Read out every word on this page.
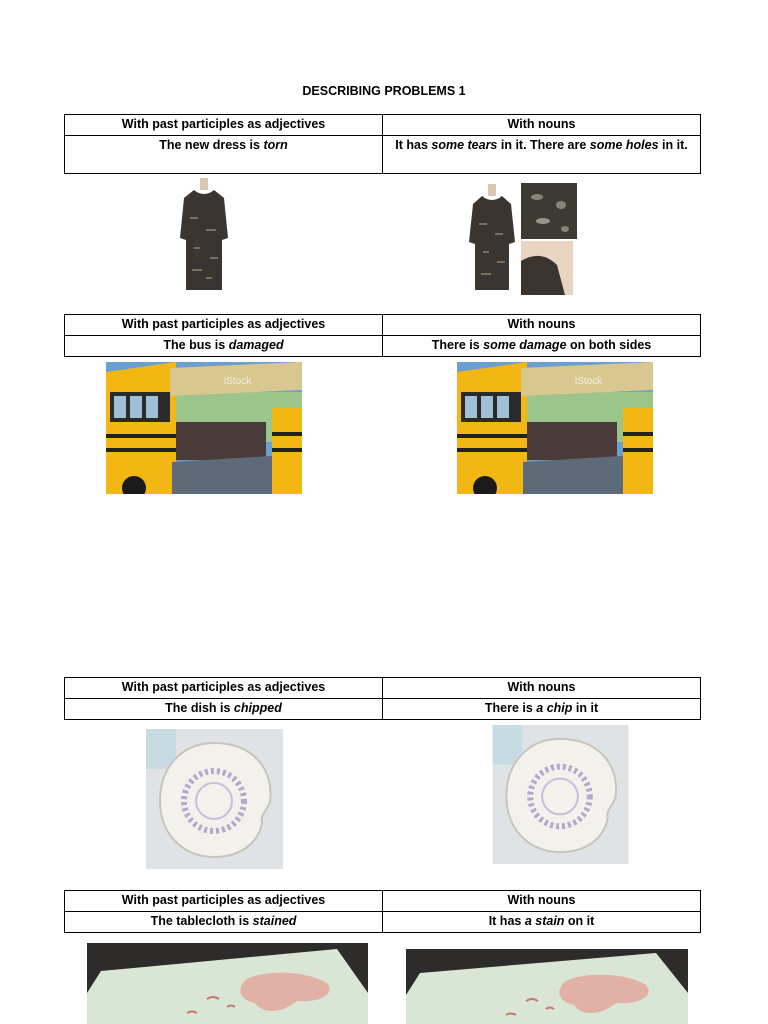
DESCRIBING PROBLEMS 1
With past participles as adjectives	With nouns
The new dress is torn	It has some tears in it. There are some holes in it.
With past participles as adjectives	With nouns
The bus is damaged	There is some damage on both sides
iStock	iStock
With past participles as adjectives	With nouns
The dish is chipped	There is a chip in it
With past participles as adjectives	With nouns
The tablecloth is stained	It has a stain on it
